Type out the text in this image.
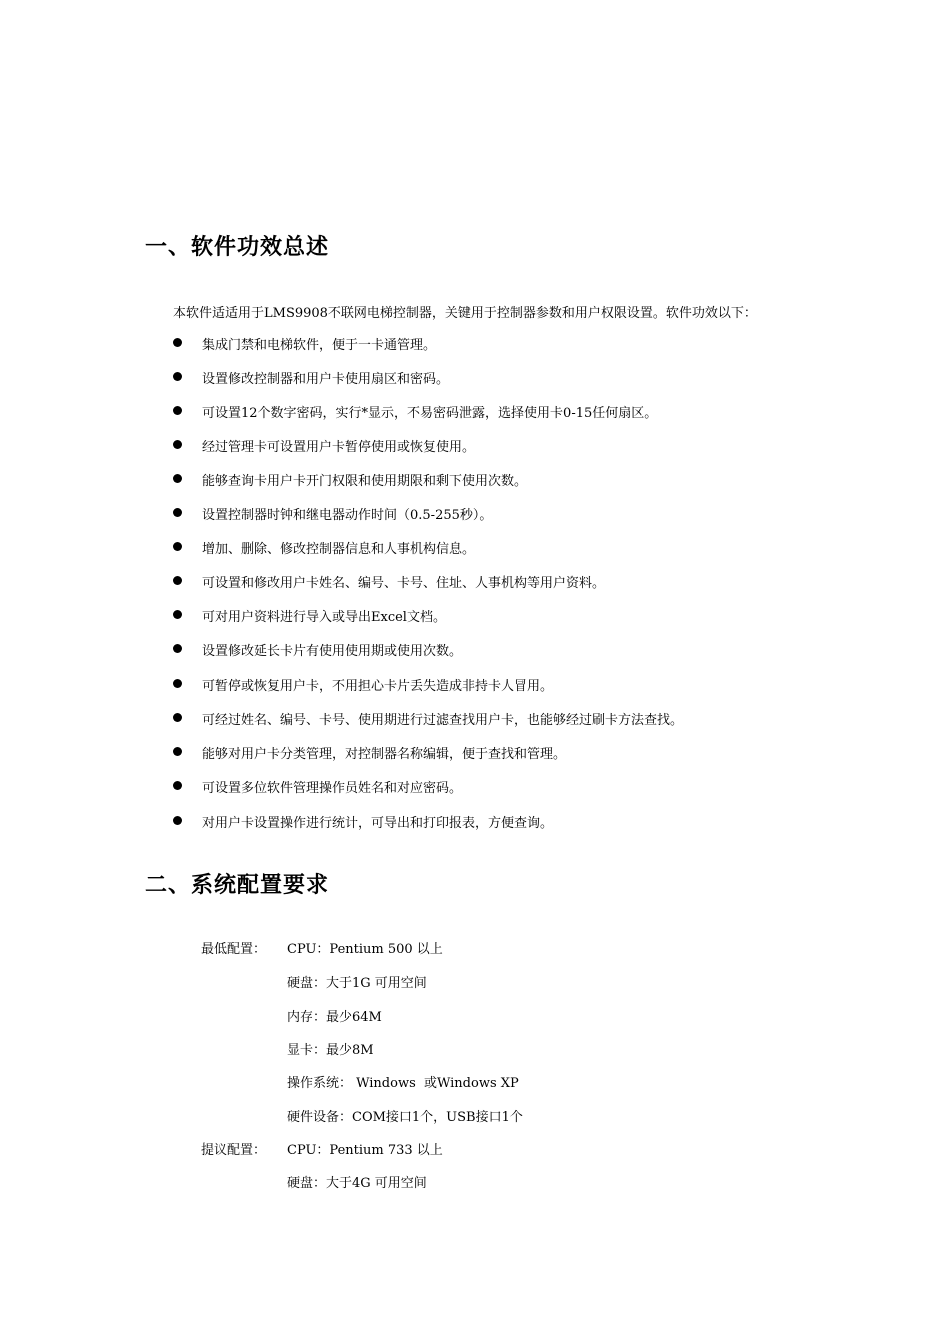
一、软件功效总述
本软件适适用于LMS9908不联网电梯控制器，关键用于控制器参数和用户权限设置。软件功效以下：
集成门禁和电梯软件，便于一卡通管理。
设置修改控制器和用户卡使用扇区和密码。
可设置12个数字密码，实行*显示，不易密码泄露，选择使用卡0-15任何扇区。
经过管理卡可设置用户卡暂停使用或恢复使用。
能够查询卡用户卡开门权限和使用期限和剩下使用次数。
设置控制器时钟和继电器动作时间（0.5-255秒）。
增加、删除、修改控制器信息和人事机构信息。
可设置和修改用户卡姓名、编号、卡号、住址、人事机构等用户资料。
可对用户资料进行导入或导出Excel文档。
设置修改延长卡片有使用使用期或使用次数。
可暂停或恢复用户卡，不用担心卡片丢失造成非持卡人冒用。
可经过姓名、编号、卡号、使用期进行过滤查找用户卡，也能够经过刷卡方法查找。
能够对用户卡分类管理，对控制器名称编辑，便于查找和管理。
可设置多位软件管理操作员姓名和对应密码。
对用户卡设置操作进行统计，可导出和打印报表，方便查询。
二、系统配置要求
最低配置： CPU：Pentium 500 以上
硬盘：大于1G 可用空间
内存：最少64M
显卡：最少8M
操作系统： Windows  或Windows XP
硬件设备：COM接口1个，USB接口1个
提议配置： CPU：Pentium 733 以上
硬盘：大于4G 可用空间
